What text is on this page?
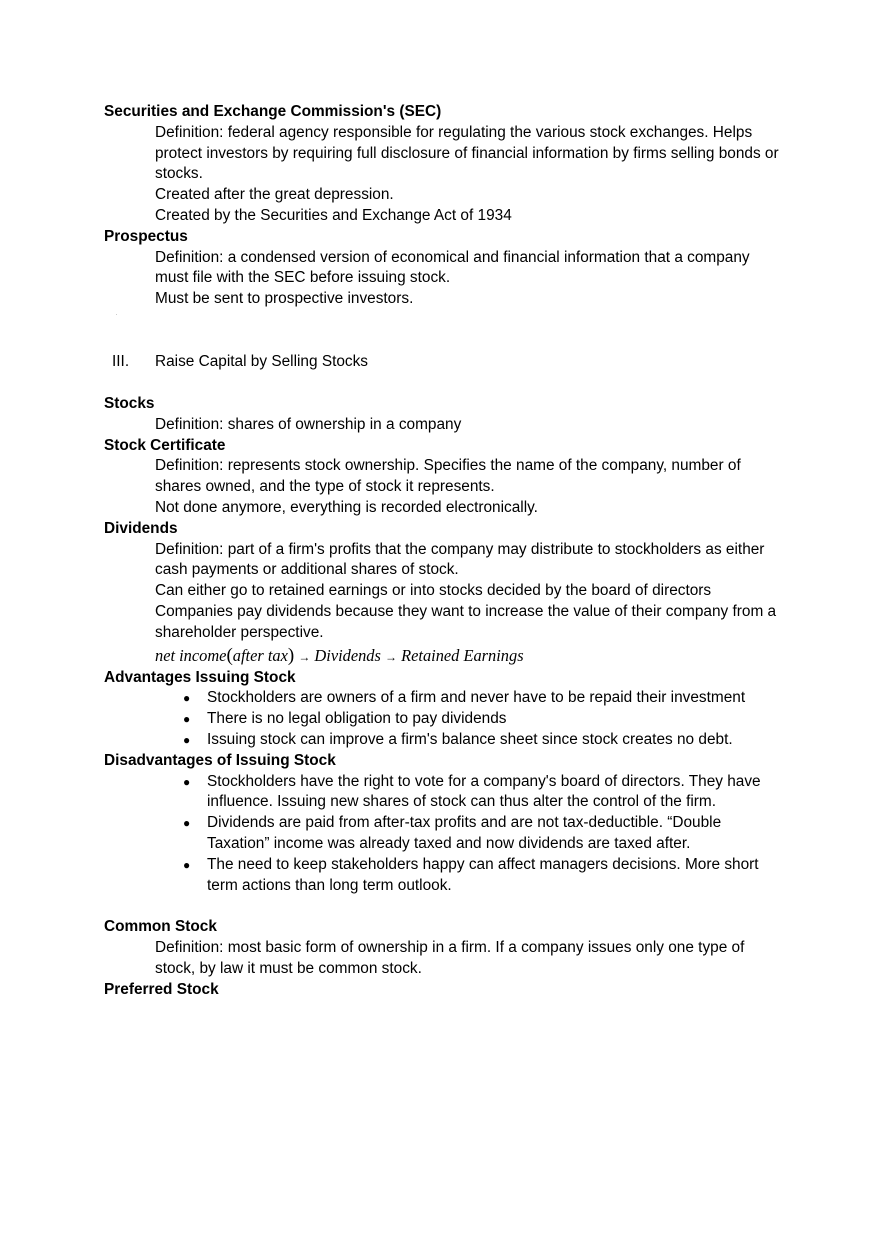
Securities and Exchange Commission's (SEC)

Definition: federal agency responsible for regulating the various stock exchanges. Helps protect investors by requiring full disclosure of financial information by firms selling bonds or stocks.

Created after the great depression.

Created by the Securities and Exchange Act of 1934

Prospectus

Definition: a condensed version of economical and financial information that a company must file with the SEC before issuing stock.

Must be sent to prospective investors.

III. Raise Capital by Selling Stocks

Stocks

Definition: shares of ownership in a company

Stock Certificate

Definition: represents stock ownership. Specifies the name of the company, number of shares owned, and the type of stock it represents.

Not done anymore, everything is recorded electronically.

Dividends

Definition: part of a firm's profits that the company may distribute to stockholders as either cash payments or additional shares of stock.

Can either go to retained earnings or into stocks decided by the board of directors

Companies pay dividends because they want to increase the value of their company from a shareholder perspective.

net income(after tax) → Dividends → Retained Earnings

Advantages Issuing Stock

● Stockholders are owners of a firm and never have to be repaid their investment
● There is no legal obligation to pay dividends
● Issuing stock can improve a firm's balance sheet since stock creates no debt.

Disadvantages of Issuing Stock

● Stockholders have the right to vote for a company's board of directors. They have influence. Issuing new shares of stock can thus alter the control of the firm.
● Dividends are paid from after-tax profits and are not tax-deductible. “Double Taxation” income was already taxed and now dividends are taxed after.
● The need to keep stakeholders happy can affect managers decisions. More short term actions than long term outlook.

Common Stock

Definition: most basic form of ownership in a firm. If a company issues only one type of stock, by law it must be common stock.

Preferred Stock
